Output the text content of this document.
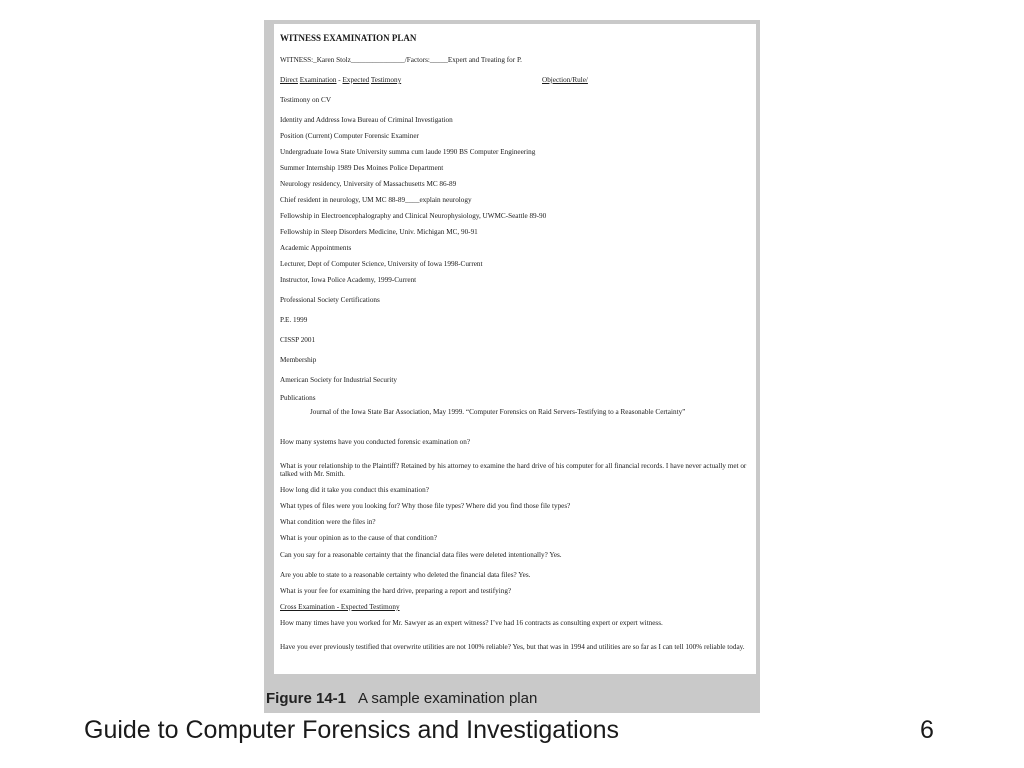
WITNESS EXAMINATION PLAN
WITNESS:_Karen Stolz_______________/Factors:_____Expert and Treating for P.
Direct Examination - Expected Testimony	Objection/Rule/
Testimony on CV
Identity and Address Iowa Bureau of Criminal Investigation
Position (Current) Computer Forensic Examiner
Undergraduate Iowa State University summa cum laude 1990 BS Computer Engineering
Summer Internship 1989 Des Moines Police Department
Neurology residency, University of Massachusetts MC 86-89
Chief resident in neurology, UM MC 88-89____explain neurology
Fellowship in Electroencephalography and Clinical Neurophysiology, UWMC-Seattle 89-90
Fellowship in Sleep Disorders Medicine, Univ. Michigan MC, 90-91
Academic Appointments
Lecturer, Dept of Computer Science, University of Iowa 1998-Current
Instructor, Iowa Police Academy, 1999-Current
Professional Society Certifications
P.E. 1999
CISSP 2001
Membership
American Society for Industrial Security
Publications
Journal of the Iowa State Bar Association, May 1999. “Computer Forensics on Raid Servers-Testifying to a Reasonable Certainty”
How many systems have you conducted forensic examination on?
What is your relationship to the Plaintiff? Retained by his attorney to examine the hard drive of his computer for all financial records. I have never actually met or talked with Mr. Smith.
How long did it take you conduct this examination?
What types of files were you looking for? Why those file types? Where did you find those file types?
What condition were the files in?
What is your opinion as to the cause of that condition?
Can you say for a reasonable certainty that the financial data files were deleted intentionally? Yes.
Are you able to state to a reasonable certainty who deleted the financial data files? Yes.
What is your fee for examining the hard drive, preparing a report and testifying?
Cross Examination - Expected Testimony
How many times have you worked for Mr. Sawyer as an expert witness? I’ve had 16 contracts as consulting expert or expert witness.
Have you ever previously testified that overwrite utilities are not 100% reliable? Yes, but that was in 1994 and utilities are so far as I can tell 100% reliable today.
Figure 14-1 A sample examination plan
Guide to Computer Forensics and Investigations	6
